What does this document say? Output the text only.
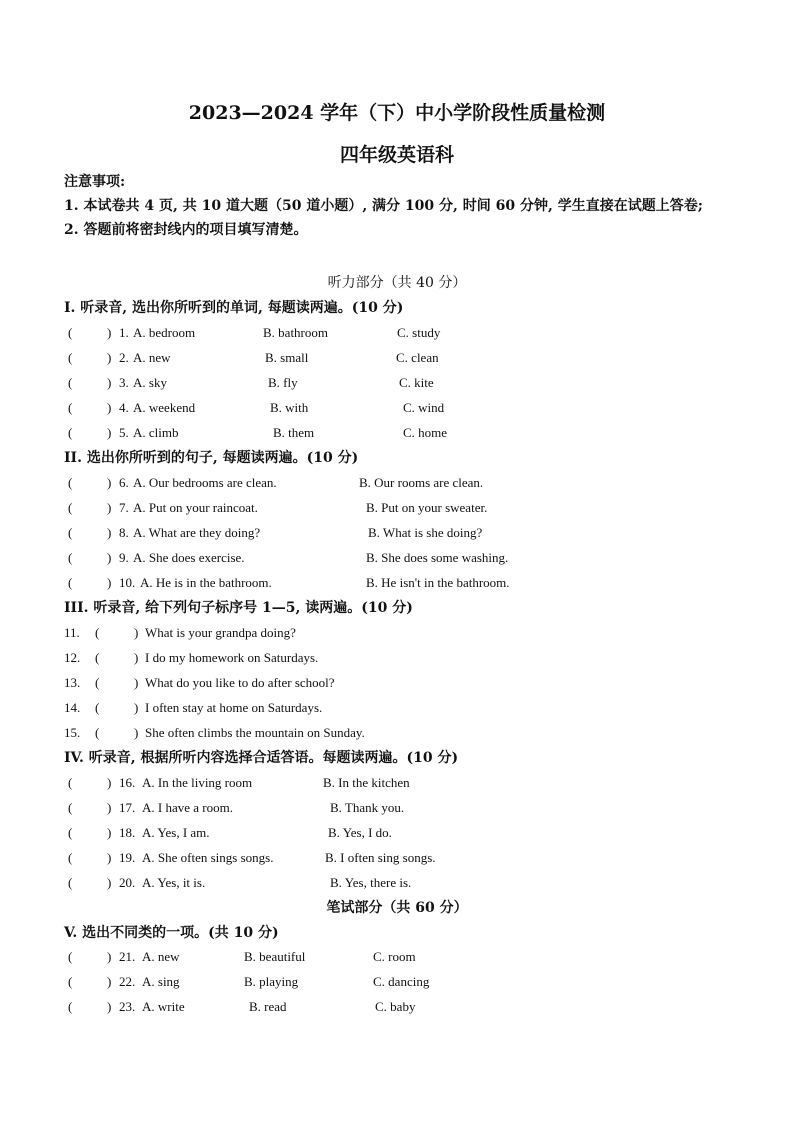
2023—2024 学年（下）中小学阶段性质量检测
四年级英语科
注意事项:
1. 本试卷共 4 页, 共 10 道大题（50 道小题）, 满分 100 分, 时间 60 分钟, 学生直接在试题上答卷;
2. 答题前将密封线内的项目填写清楚。
听力部分（共 40 分）
I. 听录音, 选出你所听到的单词, 每题读两遍。(10 分)
(	) 1. A. bedroom	B. bathroom	C. study
(	) 2. A. new	B. small	C. clean
(	) 3. A. sky	B. fly	C. kite
(	) 4. A. weekend	B. with	C. wind
(	) 5. A. climb	B. them	C. home
II. 选出你所听到的句子, 每题读两遍。(10 分)
(	) 6. A. Our bedrooms are clean.	B. Our rooms are clean.
(	) 7. A. Put on your raincoat.	B. Put on your sweater.
(	) 8. A. What are they doing?	B. What is she doing?
(	) 9. A. She does exercise.	B. She does some washing.
(	) 10. A. He is in the bathroom.	B. He isn't in the bathroom.
III. 听录音, 给下列句子标序号 1—5, 读两遍。(10 分)
11. (	) What is your grandpa doing?
12. (	) I do my homework on Saturdays.
13. (	) What do you like to do after school?
14. (	) I often stay at home on Saturdays.
15. (	) She often climbs the mountain on Sunday.
IV. 听录音, 根据所听内容选择合适答语。每题读两遍。(10 分)
(	) 16. A. In the living room	B. In the kitchen
(	) 17. A. I have a room.	B. Thank you.
(	) 18. A. Yes, I am.	B. Yes, I do.
(	) 19. A. She often sings songs.	B. I often sing songs.
(	) 20. A. Yes, it is.	B. Yes, there is.
笔试部分（共 60 分）
V. 选出不同类的一项。(共 10 分)
(	) 21. A. new	B. beautiful	C. room
(	) 22. A. sing	B. playing	C. dancing
(	) 23. A. write	B. read	C. baby
